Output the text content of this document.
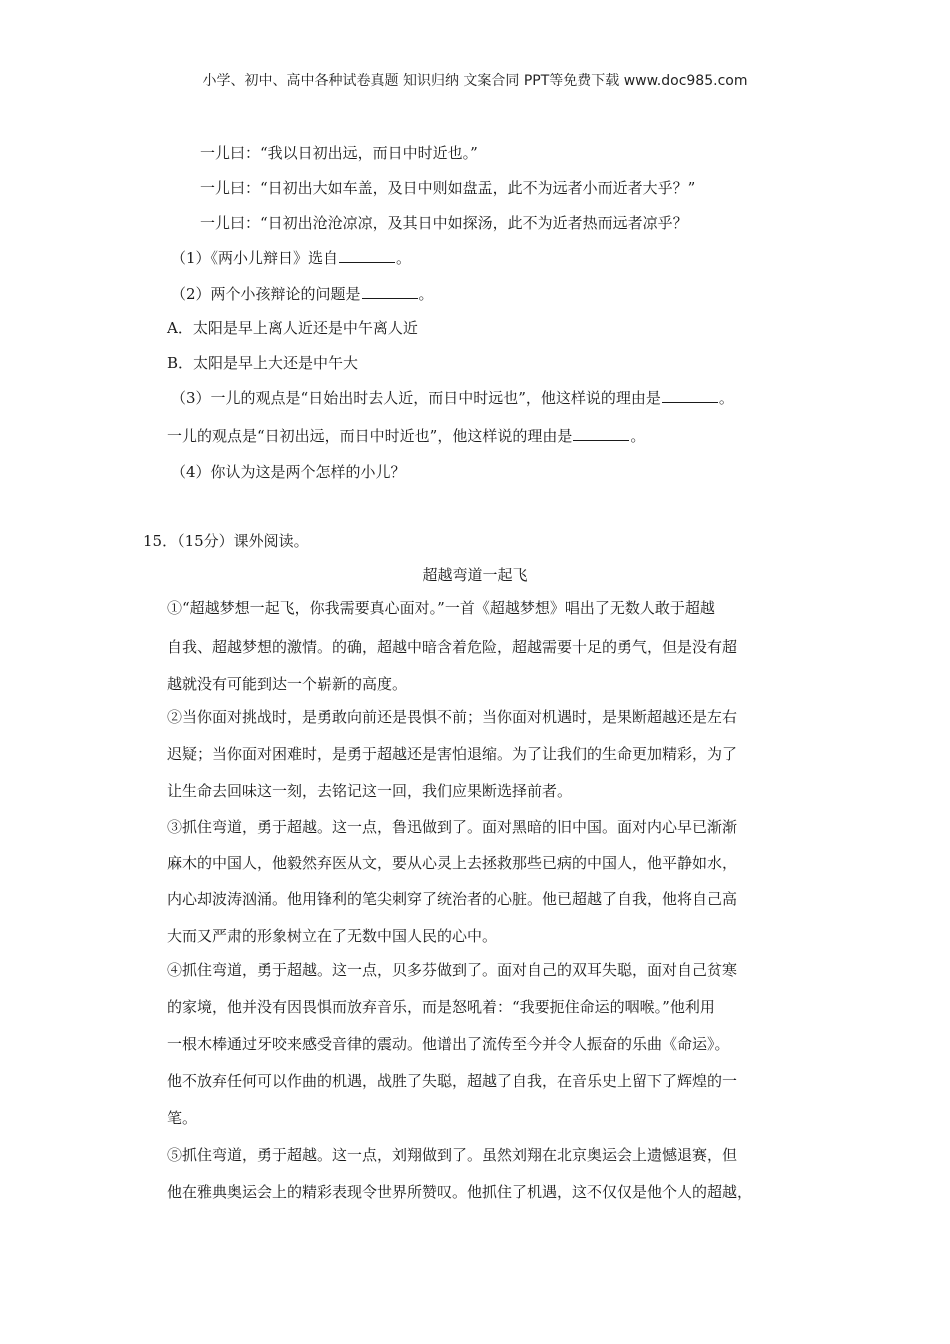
小学、初中、高中各种试卷真题 知识归纳 文案合同 PPT等免费下载 www.doc985.com
一儿曰：“我以日初出远，而日中时近也。”
一儿曰：“日初出大如车盖，及日中则如盘盂，此不为远者小而近者大乎？”
一儿曰：“日初出沧沧凉凉，及其日中如探汤，此不为近者热而远者凉乎？
（1）《两小儿辩日》选自	。
（2）两个小孩辩论的问题是	。
A．太阳是早上离人近还是中午离人近
B．太阳是早上大还是中午大
（3）一儿的观点是“日始出时去人近，而日中时远也”，他这样说的理由是	。
一儿的观点是“日初出远，而日中时近也”，他这样说的理由是	。
（4）你认为这是两个怎样的小儿？
15．（15分）课外阅读。
超越弯道一起飞
①“超越梦想一起飞，你我需要真心面对。”一首《超越梦想》唱出了无数人敢于超越
自我、超越梦想的激情。的确，超越中暗含着危险，超越需要十足的勇气，但是没有超
越就没有可能到达一个崭新的高度。
②当你面对挑战时，是勇敢向前还是畏惧不前；当你面对机遇时，是果断超越还是左右
迟疑；当你面对困难时，是勇于超越还是害怕退缩。为了让我们的生命更加精彩，为了
让生命去回味这一刻，去铭记这一回，我们应果断选择前者。
③抓住弯道，勇于超越。这一点，鲁迅做到了。面对黑暗的旧中国。面对内心早已渐渐
麻木的中国人，他毅然弃医从文，要从心灵上去拯救那些已病的中国人，他平静如水，
内心却波涛汹涌。他用锋利的笔尖刺穿了统治者的心脏。他已超越了自我，他将自己高
大而又严肃的形象树立在了无数中国人民的心中。
④抓住弯道，勇于超越。这一点，贝多芬做到了。面对自己的双耳失聪，面对自己贫寒
的家境，他并没有因畏惧而放弃音乐，而是怒吼着：“我要扼住命运的咽喉。”他利用
一根木棒通过牙咬来感受音律的震动。他谱出了流传至今并令人振奋的乐曲《命运》。
他不放弃任何可以作曲的机遇，战胜了失聪，超越了自我，在音乐史上留下了辉煌的一
笔。
⑤抓住弯道，勇于超越。这一点，刘翔做到了。虽然刘翔在北京奥运会上遗憾退赛，但
他在雅典奥运会上的精彩表现令世界所赞叹。他抓住了机遇，这不仅仅是他个人的超越，
